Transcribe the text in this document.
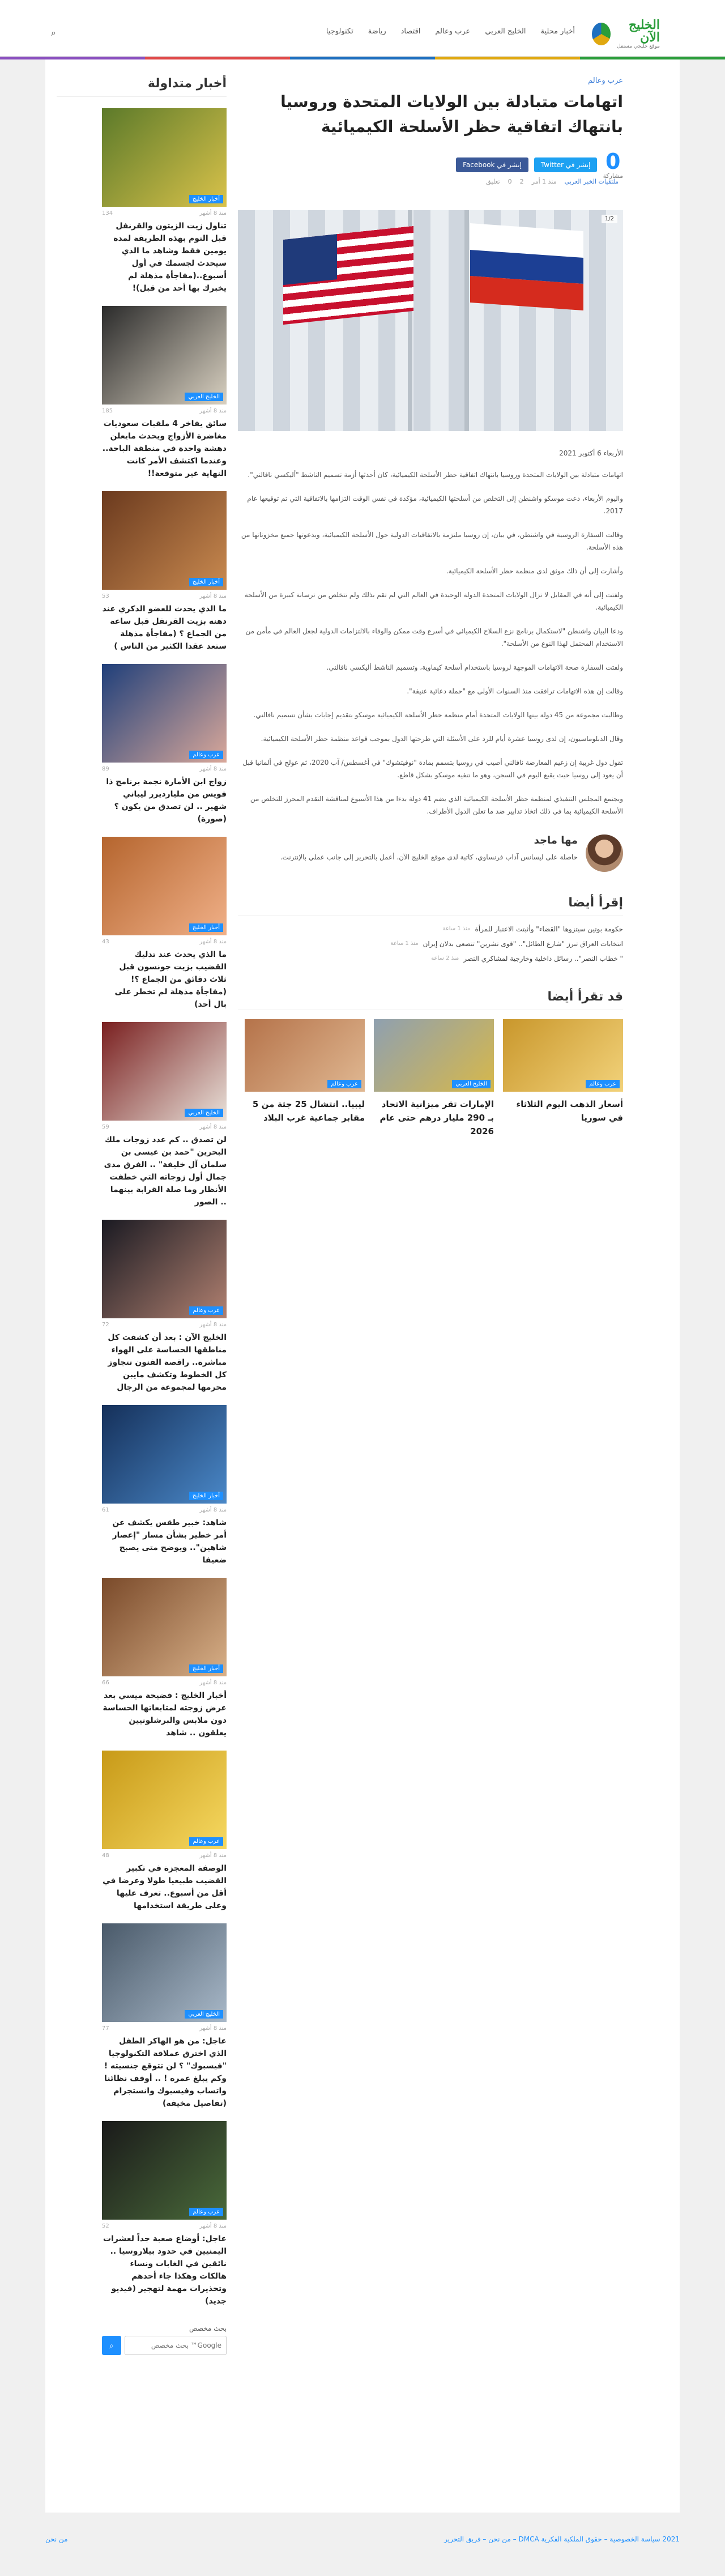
الخليج الآن
موقع خليجي مستقل
أخبار محلية
الخليج العربي
عرب وعالم
اقتصاد
رياضة
تكنولوجيا
⌕
عرب وعالم
اتهامات متبادلة بين الولايات المتحدة وروسيا بانتهاك اتفاقية حظر الأسلحة الكيميائية
0
مشاركة
إنشر في Twitter
إنشر في Facebook
ملتقيات الخبر العربي
منذ 1 أمر
2
0
تعليق
1/2
الأربعاء 6 أكتوبر 2021

اتهامات متبادلة بين الولايات المتحدة وروسيا بانتهاك اتفاقية حظر الأسلحة الكيميائية، كان أحدثها أزمة تسميم الناشط "أليكسي نافالني".

واليوم الأربعاء، دعت موسكو واشنطن إلى التخلص من أسلحتها الكيميائية، مؤكدة في نفس الوقت التزامها بالاتفاقية التي تم توقيعها عام 2017.

وقالت السفارة الروسية في واشنطن، في بيان، إن روسيا ملتزمة بالاتفاقيات الدولية حول الأسلحة الكيميائية، وبدعوتها جميع مخزوناتها من هذه الأسلحة.

وأشارت إلى أن ذلك موثق لدى منظمة حظر الأسلحة الكيميائية.

ولفتت إلى أنه في المقابل لا تزال الولايات المتحدة الدولة الوحيدة في العالم التي لم تقم بذلك ولم تتخلص من ترسانة كبيرة من الأسلحة الكيميائية.

ودعا البيان واشنطن "لاستكمال برنامج نزع السلاح الكيميائي في أسرع وقت ممكن والوفاء بالالتزامات الدولية لجعل العالم في مأمن من الاستخدام المحتمل لهذا النوع من الأسلحة".

ولفتت السفارة صحة الاتهامات الموجهة لروسيا باستخدام أسلحة كيماوية، وتسميم الناشط أليكسي نافالني.

وقالت إن هذه الاتهامات ترافقت منذ السنوات الأولى مع "حملة دعائية عنيفة".

وطالبت مجموعة من 45 دولة بينها الولايات المتحدة أمام منظمة حظر الأسلحة الكيميائية موسكو بتقديم إجابات بشأن تسميم نافالني.

وقال الدبلوماسيون، إن لدى روسيا عشرة أيام للرد على الأسئلة التي طرحتها الدول بموجب قواعد منظمة حظر الأسلحة الكيميائية.

تقول دول غربية إن زعيم المعارضة نافالني أصيب في روسيا بتسمم بمادة "نوفيتشوك" في أغسطس/ آب 2020، ثم عولج في ألمانيا قبل أن يعود إلى روسيا حيث يقبع اليوم في السجن، وهو ما تنفيه موسكو بشكل قاطع.

ويجتمع المجلس التنفيذي لمنظمة حظر الأسلحة الكيميائية الذي يضم 41 دولة بدءا من هذا الأسبوع لمناقشة التقدم المحرز للتخلص من الأسلحة الكيميائية بما في ذلك اتخاذ تدابير ضد ما تعلن الدول الأطراف.

مها ماجد
حاصلة على ليسانس آداب فرنساوي، كاتبة لدى موقع الخليج الآن، أعمل بالتحرير إلى جانب عملي بالإنترنت.
إقرأ أيضا
حكومة بوتين سيتزوها "القضاء" وأثبتت الاعتبار للمرأة
منذ 1 ساعة
انتخابات العراق تبرز "شارع الطائل".. "قوى تشرين" تتصعى بدلان إيران
منذ 1 ساعة
" خطاب النصر".. رسائل داخلية وخارجية لمشاكري النصر
منذ 2 ساعة
قد تقرأ أيضا
عرب وعالم
أسعار الذهب اليوم الثلاثاء في سوريا
الخليج العربي
الإمارات تقر ميزانية الاتحاد بـ 290 مليار درهم حتى عام 2026
عرب وعالم
ليبيا.. انتشال 25 جثة من 5 مقابر جماعية غرب البلاد
أخبار متداولة
أخبار الخليج
منذ 8 أشهر
134
تناول زيت الزيتون والقرنفل قبل النوم بهذه الطريقة لمدة يومين فقط وشاهد ما الذي سيحدث لجسمك في أول أسبوع..(مفاجأة مذهلة لم يخبرك بها أحد من قبل)!
الخليج العربي
منذ 8 أشهر
185
سائق يفاخر 4 ملقبات سعوديات مغاضرة الأزواج ويحدث مايعلن دهشة واحدة في منطقة الباحة.. وعندما اكتشف الأمر كانت النهاية غير متوقعة!!
أخبار الخليج
منذ 8 أشهر
53
ما الذي يحدث للعضو الذكري عند دهنه بزيت القرنفل قبل ساعة من الجماع ؟ (مفاجأة مذهلة ستعد عقدا الكثير من الناس )
عرب وعالم
منذ 8 أشهر
89
زواج ابن الأمارة نجمة برنامج ذا فويس من مليارديرر ليباني شهير .. لن تصدق من يكون ؟ (صورة)
أخبار الخليج
منذ 8 أشهر
43
ما الذي يحدث عند تدليك القضيب بزيت جونسون قبل ثلاث دقائق من الجماع ؟!(مفاجأة مذهلة لم تخطر على بال أحد)
الخليج العربي
منذ 8 أشهر
59
لن تصدق .. كم عدد زوجات ملك البحرين "حمد بن عيسى بن سلمان آل خليفة" .. الفرق مدى جمال أول زوجاته التي خطفت الأنظار وما صلة القرابة بينهما .. الصور
عرب وعالم
منذ 8 أشهر
72
الخليج الآن : بعد أن كشفت كل مناطقها الحساسة على الهواء مباشرة.. راقصة الفنون تتجاوز كل الخطوط وتكشف مايبن محرمها لمجموعة من الرجال
أخبار الخليج
منذ 8 أشهر
61
شاهد: خبير طقس يكشف عن أمر خطير بشأن مسار "إعصار شاهين".. ويوضح متى يصبح ضعيفا
أخبار الخليج
منذ 8 أشهر
66
أخبار الخليج : فضيحة ميسي بعد عرض زوجته لمتابعاتها الحساسة دون ملابس والبرشلونيين يعلقون .. شاهد
عرب وعالم
منذ 8 أشهر
48
الوصفة المعجزة في تكبير القضيب طبيعيا طولا وعرضا في أقل من أسبوع.. تعرف عليها وعلى طريقة استخدامها
الخليج العربي
منذ 8 أشهر
77
عاجل: من هو الهاكر الطفل الذي اخترق عملاقة التكنولوجيا "فيسبوك" ؟ لن تتوقع جنسيته ! وكم يبلغ عمره ! .. أوقف نظائنا واتساب وفيسبوك وانستجرام (تفاصيل مخيفة)
عرب وعالم
منذ 8 أشهر
52
عاجل: أوضاع صعبة جداً لعشرات اليمنيين في حدود بيلاروسيا .. نائقين في الغابات ونساء هالكات وهكذا جاء أحدهم وتحذيرات مهمة لتهجير (فيديو جديد)
بحث مخصص
Google™ بحث مخصص
⌕
2021 سياسة الخصوصية – حقوق الملكية الفكرية DMCA – من نحن – فريق التحرير
من نحن
